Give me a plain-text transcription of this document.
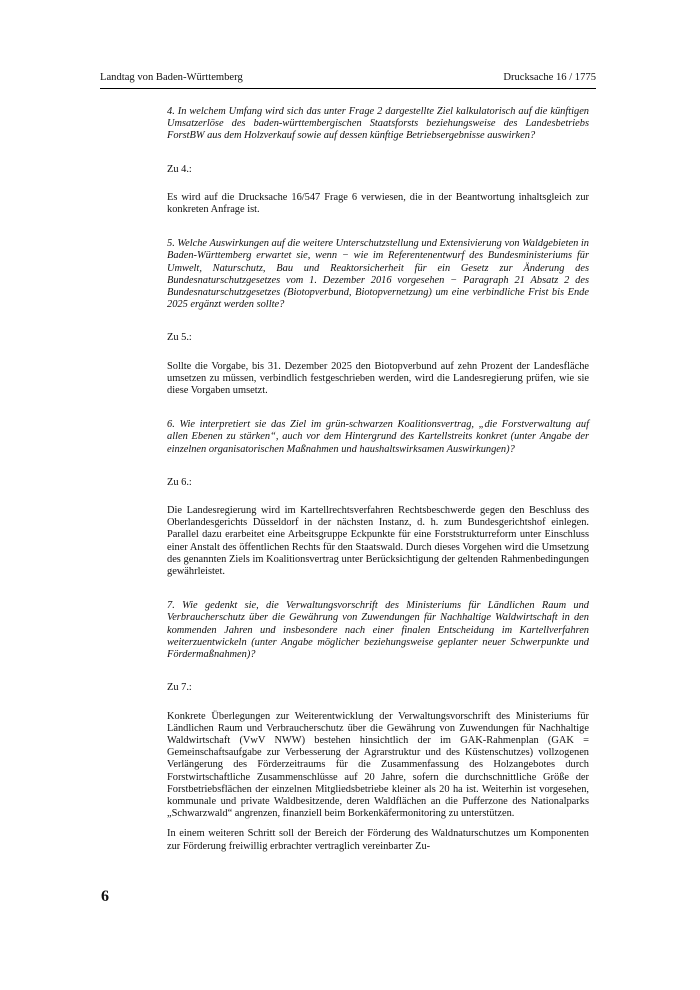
Landtag von Baden-Württemberg	Drucksache 16 / 1775

4. In welchem Umfang wird sich das unter Frage 2 dargestellte Ziel kalkulatorisch auf die künftigen Umsatzerlöse des baden-württembergischen Staatsforsts beziehungsweise des Landesbetriebs ForstBW aus dem Holzverkauf sowie auf dessen künftige Betriebsergebnisse auswirken?

Zu 4.:

Es wird auf die Drucksache 16/547 Frage 6 verwiesen, die in der Beantwortung inhaltsgleich zur konkreten Anfrage ist.

5. Welche Auswirkungen auf die weitere Unterschutzstellung und Extensivierung von Waldgebieten in Baden-Württemberg erwartet sie, wenn − wie im Referentenentwurf des Bundesministeriums für Umwelt, Naturschutz, Bau und Reaktorsicherheit für ein Gesetz zur Änderung des Bundesnaturschutzgesetzes vom 1. Dezember 2016 vorgesehen − Paragraph 21 Absatz 2 des Bundesnaturschutzgesetzes (Biotopverbund, Biotopvernetzung) um eine verbindliche Frist bis Ende 2025 ergänzt werden sollte?

Zu 5.:

Sollte die Vorgabe, bis 31. Dezember 2025 den Biotopverbund auf zehn Prozent der Landesfläche umsetzen zu müssen, verbindlich festgeschrieben werden, wird die Landesregierung prüfen, wie sie diese Vorgaben umsetzt.

6. Wie interpretiert sie das Ziel im grün-schwarzen Koalitionsvertrag, „die Forstverwaltung auf allen Ebenen zu stärken“, auch vor dem Hintergrund des Kartellstreits konkret (unter Angabe der einzelnen organisatorischen Maßnahmen und haushaltswirksamen Auswirkungen)?

Zu 6.:

Die Landesregierung wird im Kartellrechtsverfahren Rechtsbeschwerde gegen den Beschluss des Oberlandesgerichts Düsseldorf in der nächsten Instanz, d. h. zum Bundesgerichtshof einlegen. Parallel dazu erarbeitet eine Arbeitsgruppe Eckpunkte für eine Forststrukturreform unter Einschluss einer Anstalt des öffentlichen Rechts für den Staatswald. Durch dieses Vorgehen wird die Umsetzung des genannten Ziels im Koalitionsvertrag unter Berücksichtigung der geltenden Rahmenbedingungen gewährleistet.

7. Wie gedenkt sie, die Verwaltungsvorschrift des Ministeriums für Ländlichen Raum und Verbraucherschutz über die Gewährung von Zuwendungen für Nachhaltige Waldwirtschaft in den kommenden Jahren und insbesondere nach einer finalen Entscheidung im Kartellverfahren weiterzuentwickeln (unter Angabe möglicher beziehungsweise geplanter neuer Schwerpunkte und Fördermaßnahmen)?

Zu 7.:

Konkrete Überlegungen zur Weiterentwicklung der Verwaltungsvorschrift des Ministeriums für Ländlichen Raum und Verbraucherschutz über die Gewährung von Zuwendungen für Nachhaltige Waldwirtschaft (VwV NWW) bestehen hinsichtlich der im GAK-Rahmenplan (GAK = Gemeinschaftsaufgabe zur Verbesserung der Agrarstruktur und des Küstenschutzes) vollzogenen Verlängerung des Förderzeitraums für die Zusammenfassung des Holzangebotes durch Forstwirtschaftliche Zusammenschlüsse auf 20 Jahre, sofern die durchschnittliche Größe der Forstbetriebsflächen der einzelnen Mitgliedsbetriebe kleiner als 20 ha ist. Weiterhin ist vorgesehen, kommunale und private Waldbesitzende, deren Waldflächen an die Pufferzone des Nationalparks „Schwarzwald“ angrenzen, finanziell beim Borkenkäfermonitoring zu unterstützen.

In einem weiteren Schritt soll der Bereich der Förderung des Waldnaturschutzes um Komponenten zur Förderung freiwillig erbrachter vertraglich vereinbarter Zu-

6
